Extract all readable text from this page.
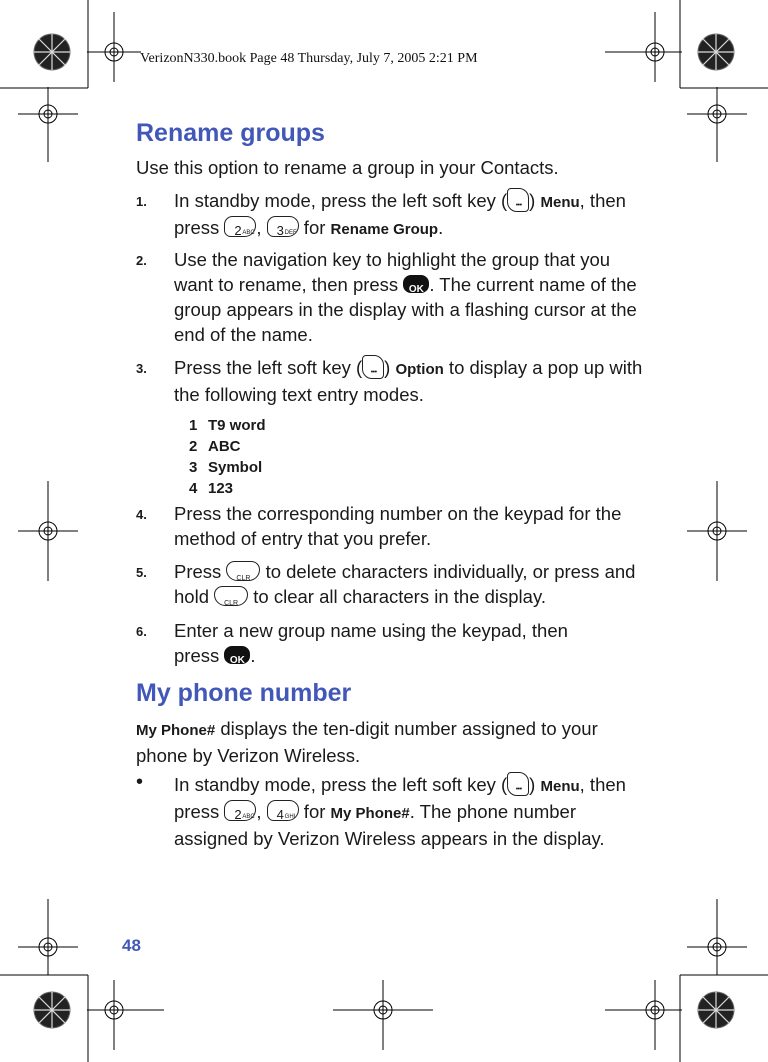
VerizonN330.book Page 48 Thursday, July 7, 2005 2:21 PM
Rename groups
Use this option to rename a group in your Contacts.
1. In standby mode, press the left soft key ( ••• ) Menu, then press 2 ABC , 3 DEF for Rename Group.
2. Use the navigation key to highlight the group that you want to rename, then press OK . The current name of the group appears in the display with a flashing cursor at the end of the name.
3. Press the left soft key ( ••• ) Option to display a pop up with the following text entry modes.
1 T9 word
2 ABC
3 Symbol
4 123
4. Press the corresponding number on the keypad for the method of entry that you prefer.
5. Press	CLR to delete characters individually, or press and hold	CLR to clear all characters in the display.
6. Enter a new group name using the keypad, then press OK .
My phone number
My Phone# displays the ten-digit number assigned to your phone by Verizon Wireless.
• In standby mode, press the left soft key ( ••• ) Menu, then press 2 ABC , 4 GHI for My Phone#. The phone number assigned by Verizon Wireless appears in the display.
48
